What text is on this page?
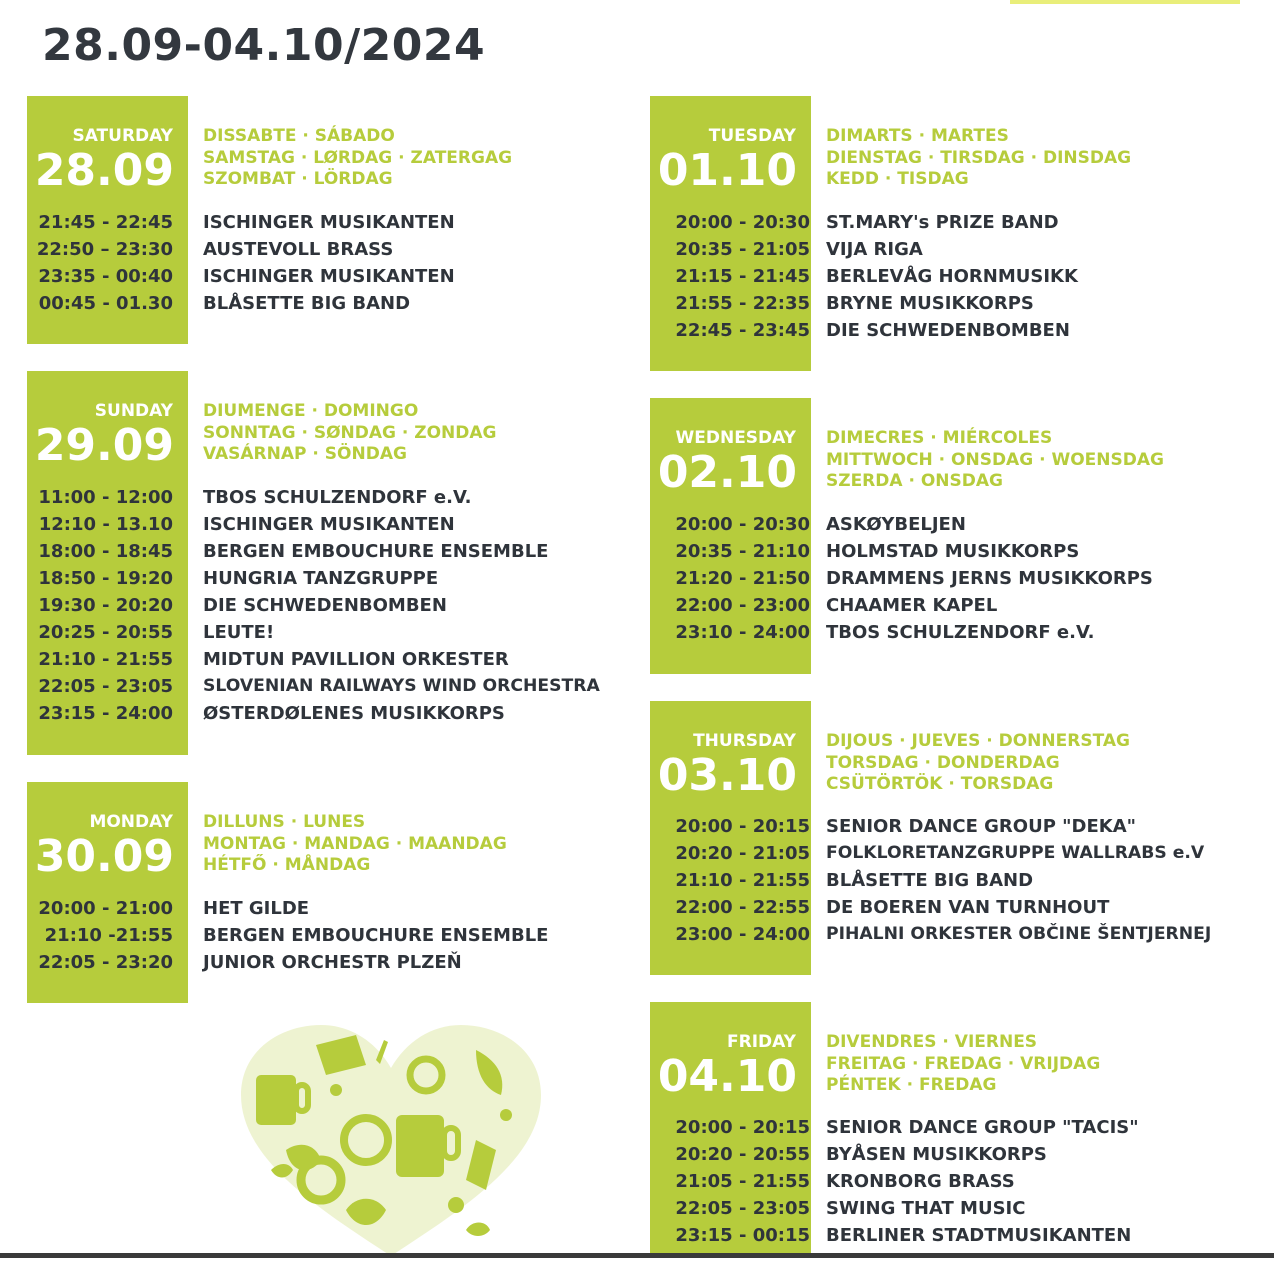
28.09-04.10/2024
SATURDAY
28.09
DISSABTE · SÁBADO
SAMSTAG · LØRDAG · ZATERGAG
SZOMBAT · LÖRDAG
21:45 - 22:45 ISCHINGER MUSIKANTEN
22:50 – 23:30 AUSTEVOLL BRASS
23:35 - 00:40 ISCHINGER MUSIKANTEN
00:45 - 01.30 BLÅSETTE BIG BAND
SUNDAY
29.09
DIUMENGE · DOMINGO
SONNTAG · SØNDAG · ZONDAG
VASÁRNAP · SÖNDAG
11:00 - 12:00 TBOS SCHULZENDORF e.V.
12:10 - 13.10 ISCHINGER MUSIKANTEN
18:00 - 18:45 BERGEN EMBOUCHURE ENSEMBLE
18:50 - 19:20 HUNGRIA TANZGRUPPE
19:30 - 20:20 DIE SCHWEDENBOMBEN
20:25 - 20:55 LEUTE!
21:10 - 21:55 MIDTUN PAVILLION ORKESTER
22:05 - 23:05 SLOVENIAN RAILWAYS WIND ORCHESTRA
23:15 - 24:00 ØSTERDØLENES MUSIKKORPS
MONDAY
30.09
DILLUNS · LUNES
MONTAG · MANDAG · MAANDAG
HÉTFŐ · MÅNDAG
20:00 - 21:00 HET GILDE
21:10 -21:55 BERGEN EMBOUCHURE ENSEMBLE
22:05 - 23:20 JUNIOR ORCHESTR PLZEŇ
TUESDAY
01.10
DIMARTS · MARTES
DIENSTAG · TIRSDAG · DINSDAG
KEDD · TISDAG
20:00 - 20:30 ST.MARY's PRIZE BAND
20:35 - 21:05 VIJA RIGA
21:15 - 21:45 BERLEVÅG HORNMUSIKK
21:55 - 22:35 BRYNE MUSIKKORPS
22:45 - 23:45 DIE SCHWEDENBOMBEN
WEDNESDAY
02.10
DIMECRES · MIÉRCOLES
MITTWOCH · ONSDAG · WOENSDAG
SZERDA · ONSDAG
20:00 - 20:30 ASKØYBELJEN
20:35 - 21:10 HOLMSTAD MUSIKKORPS
21:20 - 21:50 DRAMMENS JERNS MUSIKKORPS
22:00 - 23:00 CHAAMER KAPEL
23:10 - 24:00 TBOS SCHULZENDORF e.V.
THURSDAY
03.10
DIJOUS · JUEVES · DONNERSTAG
TORSDAG · DONDERDAG
CSÜTÖRTÖK · TORSDAG
20:00 - 20:15 SENIOR DANCE GROUP "DEKA"
20:20 - 21:05 FOLKLORETANZGRUPPE WALLRABS e.V
21:10 - 21:55 BLÅSETTE BIG BAND
22:00 - 22:55 DE BOEREN VAN TURNHOUT
23:00 - 24:00 PIHALNI ORKESTER OBČINE ŠENTJERNEJ
FRIDAY
04.10
DIVENDRES · VIERNES
FREITAG · FREDAG · VRIJDAG
PÉNTEK · FREDAG
20:00 - 20:15 SENIOR DANCE GROUP "TACIS"
20:20 - 20:55 BYÅSEN MUSIKKORPS
21:05 - 21:55 KRONBORG BRASS
22:05 - 23:05 SWING THAT MUSIC
23:15 - 00:15 BERLINER STADTMUSIKANTEN
